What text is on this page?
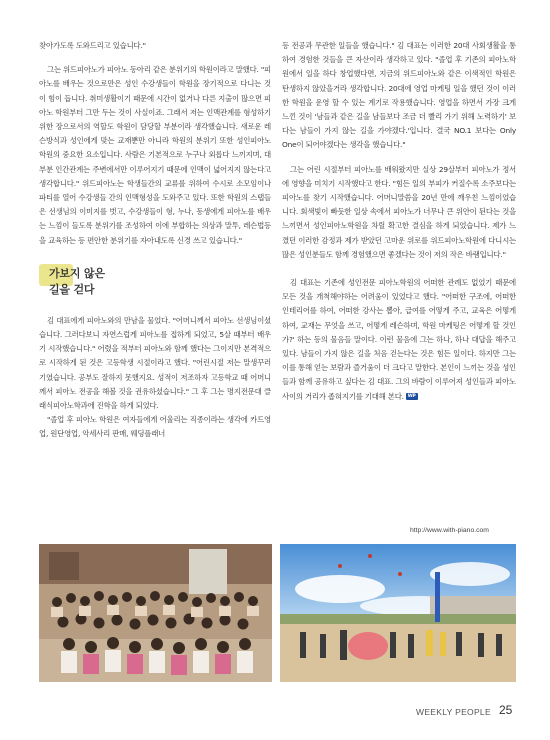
찾아가도록 도와드리고 있습니다."

그는 위드피아노가 피아노 동아리 같은 분위기의 학원이라고 말했다. "피아노를 배우는 것으로만은 성인 수강생들이 학원을 장기적으로 다니는 것이 힘이 듭니다. 취미생활이기 때문에 시간이 없거나 다른 지출이 많으면 피아노 학원부터 그만 두는 것이 사실이죠. 그래서 저는 인맥관계를 형성하기 위한 장으로서의 역할도 학원이 담당할 부분이라 생각했습니다. 새로운 레슨방식과 성인에게 맞는 교재뿐만 아니라 학원의 분위기 또한 성인피아노 학원의 중요한 요소입니다. 사람은 기본적으로 누구나 외롭다 느끼지며, 대부분 인간관계는 주변에서만 이루어지기 때문에 인맥이 넓어지지 않는다고 생각합니다." 위드피아노는 학생들간의 교류를 위하여 수시로 소모임이나 파티를 열어 수강생들 간의 인맥형성을 도와주고 있다. 또한 학원의 스탭들은 선생님의 이미지를 벗고, 수강생들이 형, 누나, 동생에게 피아노를 배우는 느낌이 들도록 분위기를 조성하여 이에 부합하는 의상과 말투, 레슨법등을 교육하는 등 편안한 분위기를 자아내도록 신경 쓰고 있습니다."

가보지 않은
길을 걷다

김 대표에게 피아노와의 만남을 물었다. "어머니께서 피아노 선생님이셨습니다. 그러다보니 자연스럽게 피아노를 접하게 되었고, 5살 때부터 배우기 시작했습니다." 어렸을 적부터 피아노와 함께 했다는 그이지만 본격적으로 시작하게 된 것은 고등학생 시절이라고 했다. "어린시절 저는 말생꾸러기였습니다. 공부도 잘하지 못했지요. 성적이 저조하자 고등학교 때 어머니께서 피아노 전공을 해볼 것을 권유하셨습니다." 그 후 그는 명지전문대 클래식피아노학과에 진학을 하게 되었다.

"졸업 후 피아노 학원은 여자들에게 어울리는 직종이라는 생각에 카드영업, 원단영업, 악세사리 판매, 웨딩플래너

등 전공과 무관한 일들을 했습니다." 김 대표는 이러한 20대 사회생활을 통하여 경험한 것들을 큰 자산이라 생각하고 있다. "졸업 후 기존의 피아노학원에서 일을 하다 창업했다면, 지금의 위드피아노와 같은 이색적인 학원은 탄생하지 않았을거라 생각합니다. 20대에 영업 마케팅 일을 했던 것이 이러한 학원을 운영 할 수 있는 계기로 작용했습니다. 영업을 하면서 가장 크게 느낀 것이 '남들과 같은 길을 남들보다 조금 더 빨리 가기 위해 노력하기' 보다는 남들이 가지 않는 길을 가야겠다.'입니다. 결국 NO.1 보다는 Only One이 되어야겠다는 생각을 했습니다."

그는 어린 시절부터 피아노를 배워왔지만 실상 29살부터 피아노가 정서에 영향을 미치기 시작했다고 한다. "힘든 일의 부피가 커질수록 소주보다는 피아노를 찾기 시작했습니다. 어머니말씀을 20년 만에 깨우친 느낌이었습니다. 회색빛이 빠듯한 일상 속에서 피아노가 너무나 큰 위안이 된다는 것을 느끼면서 성인피아노학원을 차릴 확고한 결심을 하게 되었습니다. 제가 느꼈던 이러한 감정과 제가 받았던 고마운 위로를 위드피아노학원에 다니시는 많은 성인분들도 함께 경험했으면 좋겠다는 것이 저의 작은 바램입니다."

김 대표는 기존에 성인전문 피아노학원의 어떠한 관례도 없었기 때문에 모든 것을 개척해야하는 어려움이 있었다고 했다. "어떠한 구조에, 어떠한 인테리어를 하여, 어떠한 강사는 뽑아, 급여를 어떻게 주고, 교육은 어떻게 하여, 교재는 무엇을 쓰고, 어떻게 레슨하며, 학원 마케팅은 어떻게 할 것인가?' 하는 등의 물음들 말이다. 이런 물음에 그는 하나, 하나 대답을 해주고 있다. 남들이 가지 않은 길을 처음 걷는다는 것은 힘든 일이다. 하지만 그는 이를 통해 얻는 보람과 즐거움이 더 크다고 말한다. 본인이 느끼는 것을 성인들과 함께 공유하고 싶다는 김 대표. 그의 바람이 이루어져 성인들과 피아노 사이의 거리가 좁혀지기를 기대해 본다. WP

http://www.with-piano.com
WEEKLY PEOPLE 25
